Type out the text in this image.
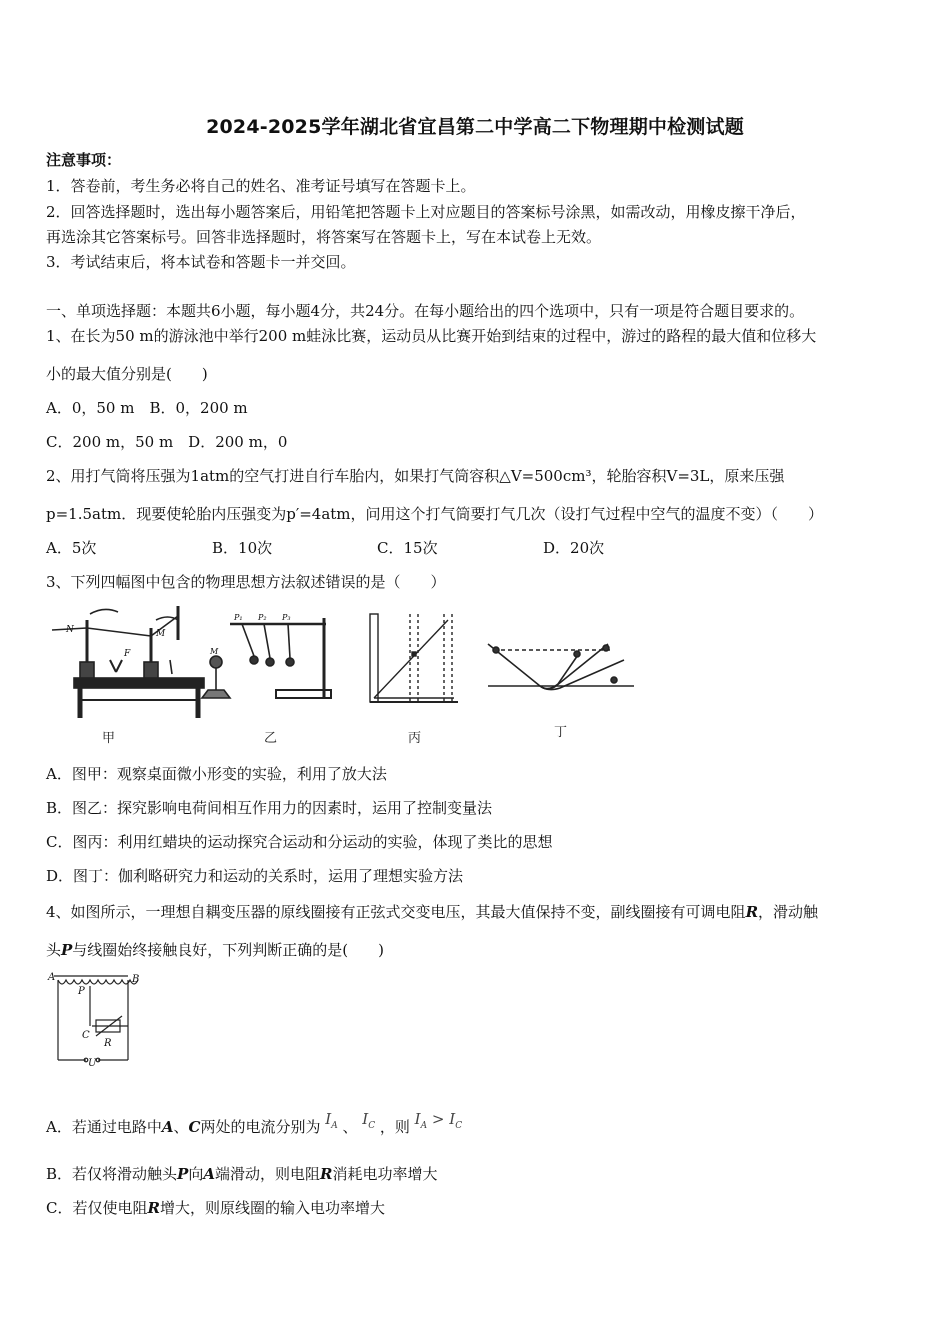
2024-2025学年湖北省宜昌第二中学高二下物理期中检测试题
注意事项：
1．答卷前，考生务必将自己的姓名、准考证号填写在答题卡上。
2．回答选择题时，选出每小题答案后，用铅笔把答题卡上对应题目的答案标号涂黑，如需改动，用橡皮擦干净后，
再选涂其它答案标号。回答非选择题时，将答案写在答题卡上，写在本试卷上无效。
3．考试结束后，将本试卷和答题卡一并交回。
一、单项选择题：本题共6小题，每小题4分，共24分。在每小题给出的四个选项中，只有一项是符合题目要求的。
1、在长为50 m的游泳池中举行200 m蛙泳比赛，运动员从比赛开始到结束的过程中，游过的路程的最大值和位移大
小的最大值分别是(　　)
A．0，50 m　B．0，200 m
C．200 m，50 m　D．200 m，0
2、用打气筒将压强为1atm的空气打进自行车胎内，如果打气筒容积△V=500cm³，轮胎容积V=3L，原来压强
p=1.5atm．现要使轮胎内压强变为p′=4atm，问用这个打气筒要打气几次（设打气过程中空气的温度不变）（　　）
A．5次	B．10次	C．15次	D．20次
3、下列四幅图中包含的物理思想方法叙述错误的是（　　）
N	M
F
甲
P₁ P₂ P₃
M
乙	丙	丁
A．图甲：观察桌面微小形变的实验，利用了放大法
B．图乙：探究影响电荷间相互作用力的因素时，运用了控制变量法
C．图丙：利用红蜡块的运动探究合运动和分运动的实验，体现了类比的思想
D．图丁：伽利略研究力和运动的关系时，运用了理想实验方法
4、如图所示，一理想自耦变压器的原线圈接有正弦式交变电压，其最大值保持不变，副线圈接有可调电阻R，滑动触
头P与线圈始终接触良好，下列判断正确的是(　　)
A	B
P
C
R
U
A．若通过电路中A、C两处的电流分别为 $I_A$ 、 $I_C$ ，则 $I_A > I_C$
B．若仅将滑动触头P向A端滑动，则电阻R消耗电功率增大
C．若仅使电阻R增大，则原线圈的输入电功率增大
